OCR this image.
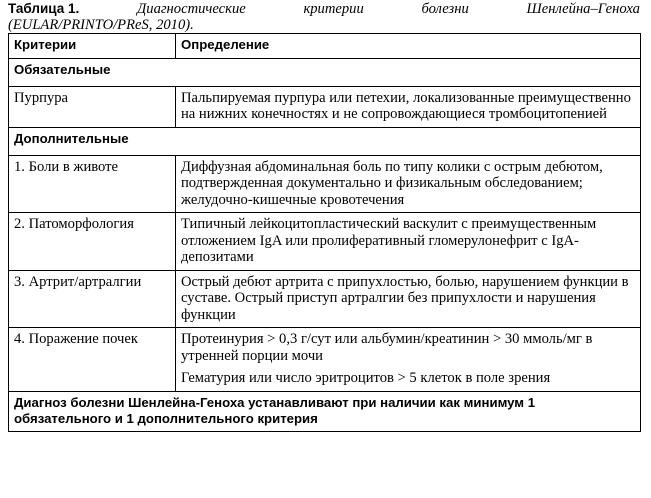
Таблица 1.	Диагностические	критерии	болезни	Шенлейна–Геноха
(EULAR/PRINTO/PReS, 2010).
Критерии	Определение
Обязательные	
Пурпура	Пальпируемая пурпура или петехии, локализованные преимущественно на нижних конечностях и не сопровождающиеся тромбоцитопенией
Дополнительные	
1. Боли в животе	Диффузная абдоминальная боль по типу колики с острым дебютом, подтвержденная документально и физикальным обследованием; желудочно-кишечные кровотечения
2. Патоморфология	Типичный лейкоцитопластический васкулит с преимущественным отложением IgA или пролиферативный гломерулонефрит с IgA-депозитами
3. Артрит/артралгии	Острый дебют артрита с припухлостью, болью, нарушением функции в суставе. Острый приступ артралгии без припухлости и нарушения функции
4. Поражение почек	Протеинурия > 0,3 г/сут или альбумин/креатинин > 30 ммоль/мг в утренней порции мочи
Гематурия или число эритроцитов > 5 клеток в поле зрения

Диагноз болезни Шенлейна-Геноха устанавливают при наличии как минимум 1 обязательного и 1 дополнительного критерия	
